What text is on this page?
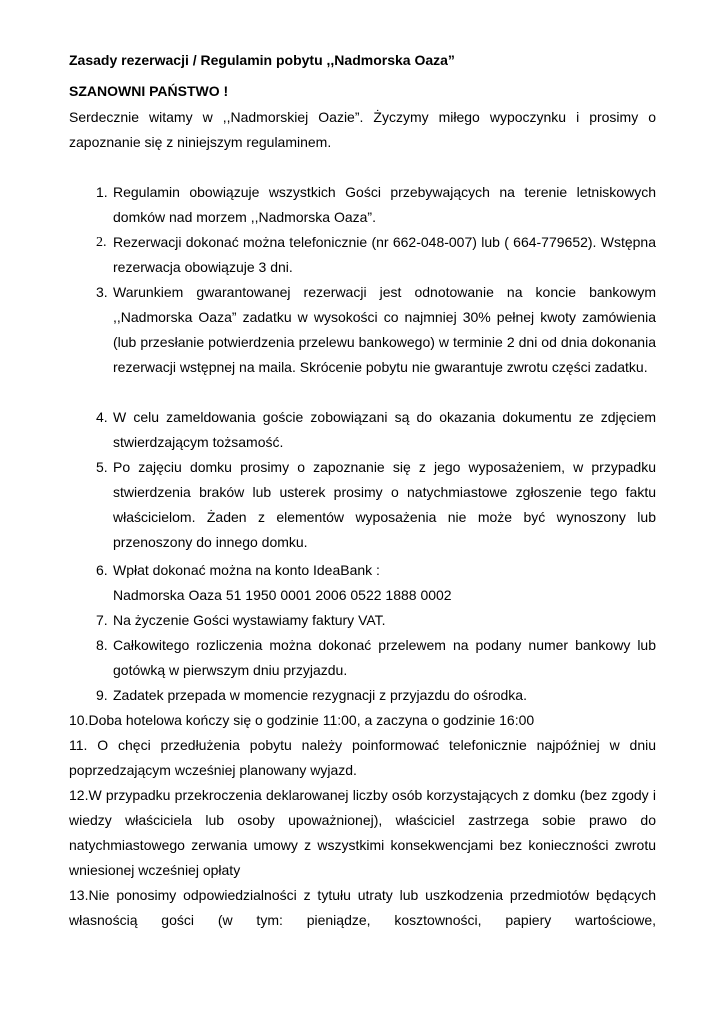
Zasady rezerwacji / Regulamin pobytu ,,Nadmorska Oaza”
SZANOWNI PAŃSTWO !
Serdecznie witamy w ,,Nadmorskiej Oazie”. Życzymy miłego wypoczynku i prosimy o zapoznanie się z niniejszym regulaminem.
1. Regulamin obowiązuje wszystkich Gości przebywających na terenie letniskowych domków nad morzem ,,Nadmorska Oaza”.
2. Rezerwacji dokonać można telefonicznie (nr 662-048-007) lub ( 664-779652). Wstępna rezerwacja obowiązuje 3 dni.
3. Warunkiem gwarantowanej rezerwacji jest odnotowanie na koncie bankowym ,,Nadmorska Oaza” zadatku w wysokości co najmniej 30% pełnej kwoty zamówienia (lub przesłanie potwierdzenia przelewu bankowego) w terminie 2 dni od dnia dokonania rezerwacji wstępnej na maila. Skrócenie pobytu nie gwarantuje zwrotu części zadatku.
4. W celu zameldowania goście zobowiązani są do okazania dokumentu ze zdjęciem stwierdzającym tożsamość.
5. Po zajęciu domku prosimy o zapoznanie się z jego wyposażeniem, w przypadku stwierdzenia braków lub usterek prosimy o natychmiastowe zgłoszenie tego faktu właścicielom. Żaden z elementów wyposażenia nie może być wynoszony lub przenoszony do innego domku.
6. Wpłat dokonać można na konto IdeaBank :
Nadmorska Oaza 51 1950 0001 2006 0522 1888 0002
7. Na życzenie Gości wystawiamy faktury VAT.
8. Całkowitego rozliczenia można dokonać przelewem na podany numer bankowy lub gotówką w pierwszym dniu przyjazdu.
9. Zadatek przepada w momencie rezygnacji z przyjazdu do ośrodka.
10.Doba hotelowa kończy się o godzinie 11:00, a zaczyna o godzinie 16:00
11. O chęci przedłużenia pobytu należy poinformować telefonicznie najpóźniej w dniu poprzedzającym wcześniej planowany wyjazd.
12.W przypadku przekroczenia deklarowanej liczby osób korzystających z domku (bez zgody i wiedzy właściciela lub osoby upoważnionej), właściciel zastrzega sobie prawo do natychmiastowego zerwania umowy z wszystkimi konsekwencjami bez konieczności zwrotu wniesionej wcześniej opłaty
13.Nie ponosimy odpowiedzialności z tytułu utraty lub uszkodzenia przedmiotów będących własnością gości (w tym: pieniądze, kosztowności, papiery wartościowe,
